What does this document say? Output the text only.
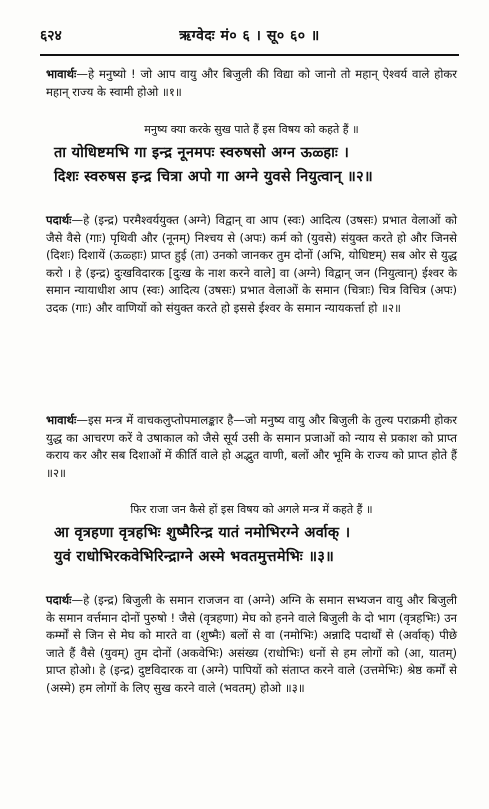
६२४	ऋग्वेदः मं० ६ । सू० ६० ॥
भावार्थः—हे मनुष्यो ! जो आप वायु और बिजुली की विद्या को जानो तो महान् ऐश्वर्य वाले होकर महान् राज्य के स्वामी होओ ॥१॥
मनुष्य क्या करके सुख पाते हैं इस विषय को कहते हैं ॥
ता योधिष्टमभि गा इन्द्र नूनमपः स्वरुषसो अग्न ऊळ्हाः ।
दिशः स्वरुषस इन्द्र चित्रा अपो गा अग्ने युवसे नियुत्वान् ॥२॥
पदार्थः—हे (इन्द्र) परमैश्वर्ययुक्त (अग्ने) विद्वान् वा आप (स्वः) आदित्य (उषसः) प्रभात वेलाओं को जैसे वैसे (गाः) पृथिवी और (नूनम्) निश्चय से (अपः) कर्म को (युवसे) संयुक्त करते हो और जिनसे (दिशः) दिशायें (ऊळ्हाः) प्राप्त हुई (ता) उनको जानकर तुम दोनों (अभि, योधिष्टम्) सब ओर से युद्ध करो । हे (इन्द्र) दुःखविदारक [दुःख के नाश करने वाले] वा (अग्ने) विद्वान् जन (नियुत्वान्) ईश्वर के समान न्यायाधीश आप (स्वः) आदित्य (उषसः) प्रभात वेलाओं के समान (चित्राः) चित्र विचित्र (अपः) उदक (गाः) और वाणियों को संयुक्त करते हो इससे ईश्वर के समान न्यायकर्त्ता हो ॥२॥
भावार्थः—इस मन्त्र में वाचकलुप्तोपमालङ्कार है—जो मनुष्य वायु और बिजुली के तुल्य पराक्रमी होकर युद्ध का आचरण करें वे उषाकाल को जैसे सूर्य उसी के समान प्रजाओं को न्याय से प्रकाश को प्राप्त कराय कर और सब दिशाओं में कीर्ति वाले हो अद्भुत वाणी, बलों और भूमि के राज्य को प्राप्त होते हैं ॥२॥
फिर राजा जन कैसे हों इस विषय को अगले मन्त्र में कहते हैं ॥
आ वृत्रहणा वृत्रहभिः शुष्मैरिन्द्र यातं नमोभिरग्ने अर्वाक् ।
युवं राधोभिरकवेभिरिन्द्राग्ने अस्मे भवतमुत्तमेभिः ॥३॥
पदार्थः—हे (इन्द्र) बिजुली के समान राजजन वा (अग्ने) अग्नि के समान सभ्यजन वायु और बिजुली के समान वर्त्तमान दोनों पुरुषो ! जैसे (वृत्रहणा) मेघ को हनने वाले बिजुली के दो भाग (वृत्रहभिः) उन कर्म्मों से जिन से मेघ को मारते वा (शुष्मैः) बलों से वा (नमोभिः) अन्नादि पदार्थों से (अर्वाक्) पीछे जाते हैं वैसे (युवम्) तुम दोनों (अकवेभिः) असंख्य (राधोभिः) धनों से हम लोगों को (आ, यातम्) प्राप्त होओ। हे (इन्द्र) दुष्टविदारक वा (अग्ने) पापियों को संताप्त करने वाले (उत्तमेभिः) श्रेष्ठ कर्मों से (अस्मे) हम लोगों के लिए सुख करने वाले (भवतम्) होओ ॥३॥
